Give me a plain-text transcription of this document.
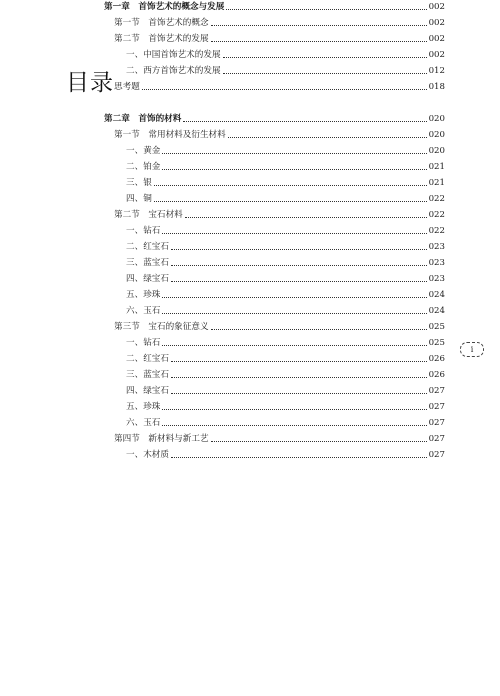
目录
第一章　首饰艺术的概念与发展	002
第一节　首饰艺术的概念	002
第二节　首饰艺术的发展	002
一、中国首饰艺术的发展	002
二、西方首饰艺术的发展	012
思考题	018
第二章　首饰的材料	020
第一节　常用材料及衍生材料	020
一、黄金	020
二、铂金	021
三、银	021
四、铜	022
第二节　宝石材料	022
一、钻石	022
二、红宝石	023
三、蓝宝石	023
四、绿宝石	023
五、珍珠	024
六、玉石	024
第三节　宝石的象征意义	025
一、钻石	025
二、红宝石	026
三、蓝宝石	026
四、绿宝石	027
五、珍珠	027
六、玉石	027
第四节　新材料与新工艺	027
一、木材质	027
i
